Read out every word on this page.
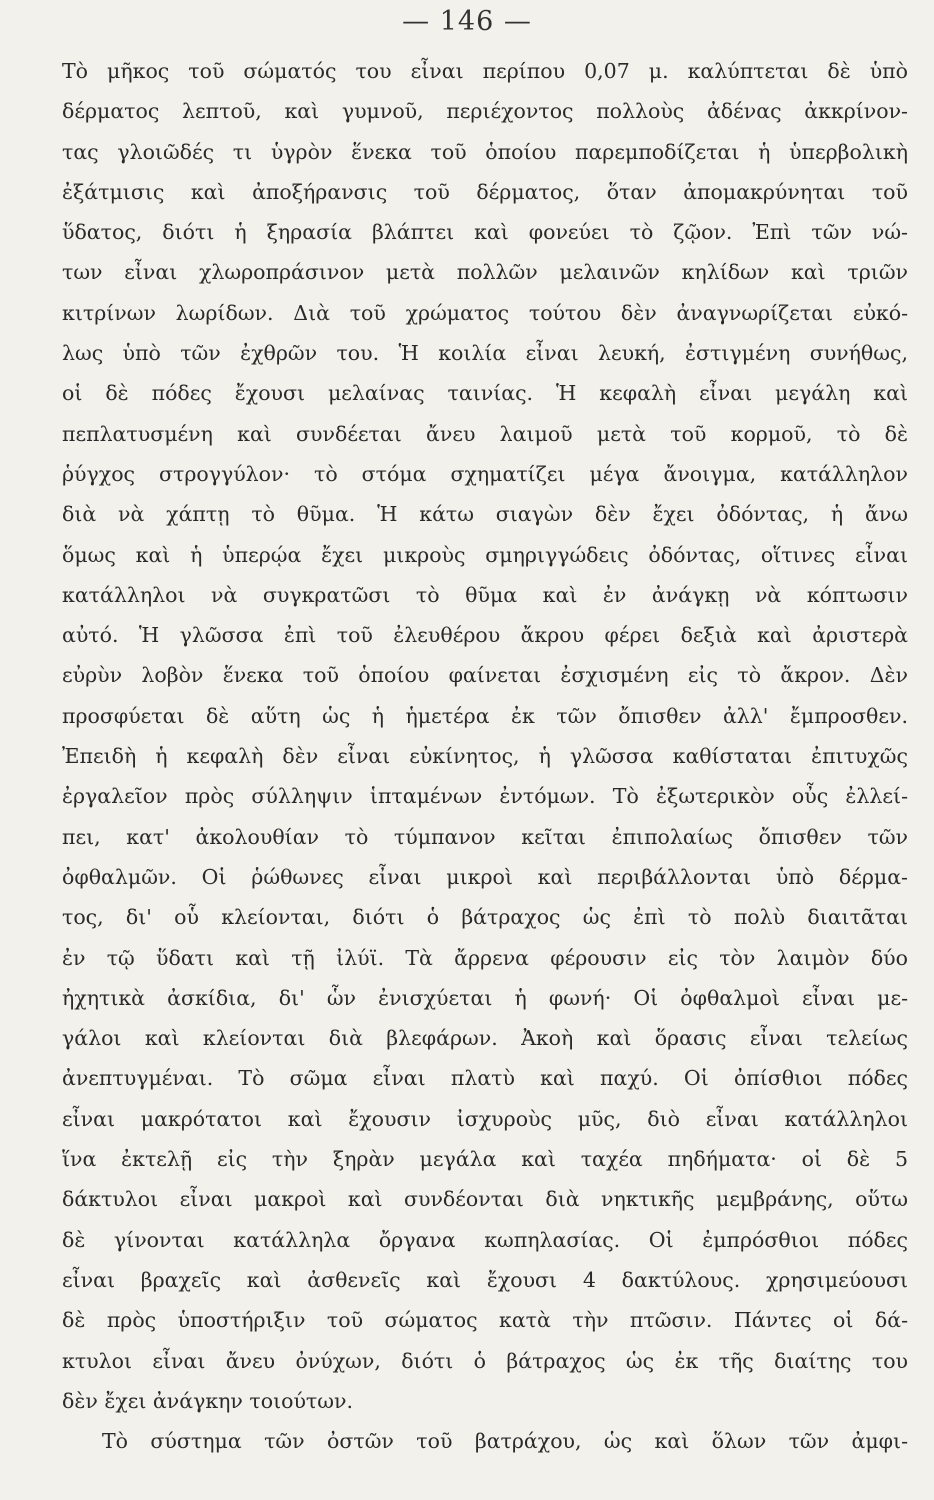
— 146 —
Τὸ μῆκος τοῦ σώματός του εἶναι περίπου 0,07 μ. καλύπτεται δὲ ὑπὸ
δέρματος λεπτοῦ, καὶ γυμνοῦ, περιέχοντος πολλοὺς ἀδένας ἀκκρίνον-
τας γλοιῶδές τι ὑγρὸν ἕνεκα τοῦ ὁποίου παρεμποδίζεται ἡ ὑπερβολικὴ
ἐξάτμισις καὶ ἀποξήρανσις τοῦ δέρματος, ὅταν ἀπομακρύνηται τοῦ
ὕδατος, διότι ἡ ξηρασία βλάπτει καὶ φονεύει τὸ ζῷον. Ἐπὶ τῶν νώ-
των εἶναι χλωροπράσινον μετὰ πολλῶν μελαινῶν κηλίδων καὶ τριῶν
κιτρίνων λωρίδων. Διὰ τοῦ χρώματος τούτου δὲν ἀναγνωρίζεται εὐκό-
λως ὑπὸ τῶν ἐχθρῶν του. Ἡ κοιλία εἶναι λευκή, ἐστιγμένη συνήθως,
οἱ δὲ πόδες ἔχουσι μελαίνας ταινίας. Ἡ κεφαλὴ εἶναι μεγάλη καὶ
πεπλατυσμένη καὶ συνδέεται ἄνευ λαιμοῦ μετὰ τοῦ κορμοῦ, τὸ δὲ
ῥύγχος στρογγύλον· τὸ στόμα σχηματίζει μέγα ἄνοιγμα, κατάλληλον
διὰ νὰ χάπτῃ τὸ θῦμα. Ἡ κάτω σιαγὼν δὲν ἔχει ὀδόντας, ἡ ἄνω
ὅμως καὶ ἡ ὑπερῴα ἔχει μικροὺς σμηριγγώδεις ὀδόντας, οἵτινες εἶναι
κατάλληλοι νὰ συγκρατῶσι τὸ θῦμα καὶ ἐν ἀνάγκῃ νὰ κόπτωσιν
αὐτό. Ἡ γλῶσσα ἐπὶ τοῦ ἐλευθέρου ἄκρου φέρει δεξιὰ καὶ ἀριστερὰ
εὐρὺν λοβὸν ἕνεκα τοῦ ὁποίου φαίνεται ἐσχισμένη εἰς τὸ ἄκρον. Δὲν
προσφύεται δὲ αὕτη ὡς ἡ ἡμετέρα ἐκ τῶν ὄπισθεν ἀλλ' ἔμπροσθεν.
Ἐπειδὴ ἡ κεφαλὴ δὲν εἶναι εὐκίνητος, ἡ γλῶσσα καθίσταται ἐπιτυχῶς
ἐργαλεῖον πρὸς σύλληψιν ἱπταμένων ἐντόμων. Τὸ ἐξωτερικὸν οὖς ἐλλεί-
πει, κατ' ἀκολουθίαν τὸ τύμπανον κεῖται ἐπιπολαίως ὄπισθεν τῶν
ὀφθαλμῶν. Οἱ ῥώθωνες εἶναι μικροὶ καὶ περιβάλλονται ὑπὸ δέρμα-
τος, δι' οὗ κλείονται, διότι ὁ βάτραχος ὡς ἐπὶ τὸ πολὺ διαιτᾶται
ἐν τῷ ὕδατι καὶ τῇ ἰλύϊ. Τὰ ἄρρενα φέρουσιν εἰς τὸν λαιμὸν δύο
ἠχητικὰ ἀσκίδια, δι' ὧν ἐνισχύεται ἡ φωνή· Οἱ ὀφθαλμοὶ εἶναι με-
γάλοι καὶ κλείονται διὰ βλεφάρων. Ἀκοὴ καὶ ὅρασις εἶναι τελείως
ἀνεπτυγμέναι. Τὸ σῶμα εἶναι πλατὺ καὶ παχύ. Οἱ ὀπίσθιοι πόδες
εἶναι μακρότατοι καὶ ἔχουσιν ἰσχυροὺς μῦς, διὸ εἶναι κατάλληλοι
ἵνα ἐκτελῇ εἰς τὴν ξηρὰν μεγάλα καὶ ταχέα πηδήματα· οἱ δὲ 5
δάκτυλοι εἶναι μακροὶ καὶ συνδέονται διὰ νηκτικῆς μεμβράνης, οὕτω
δὲ γίνονται κατάλληλα ὄργανα κωπηλασίας. Οἱ ἐμπρόσθιοι πόδες
εἶναι βραχεῖς καὶ ἀσθενεῖς καὶ ἔχουσι 4 δακτύλους. χρησιμεύουσι
δὲ πρὸς ὑποστήριξιν τοῦ σώματος κατὰ τὴν πτῶσιν. Πάντες οἱ δά-
κτυλοι εἶναι ἄνευ ὀνύχων, διότι ὁ βάτραχος ὡς ἐκ τῆς διαίτης του
δὲν ἔχει ἀνάγκην τοιούτων.
Τὸ σύστημα τῶν ὀστῶν τοῦ βατράχου, ὡς καὶ ὅλων τῶν ἀμφι-
